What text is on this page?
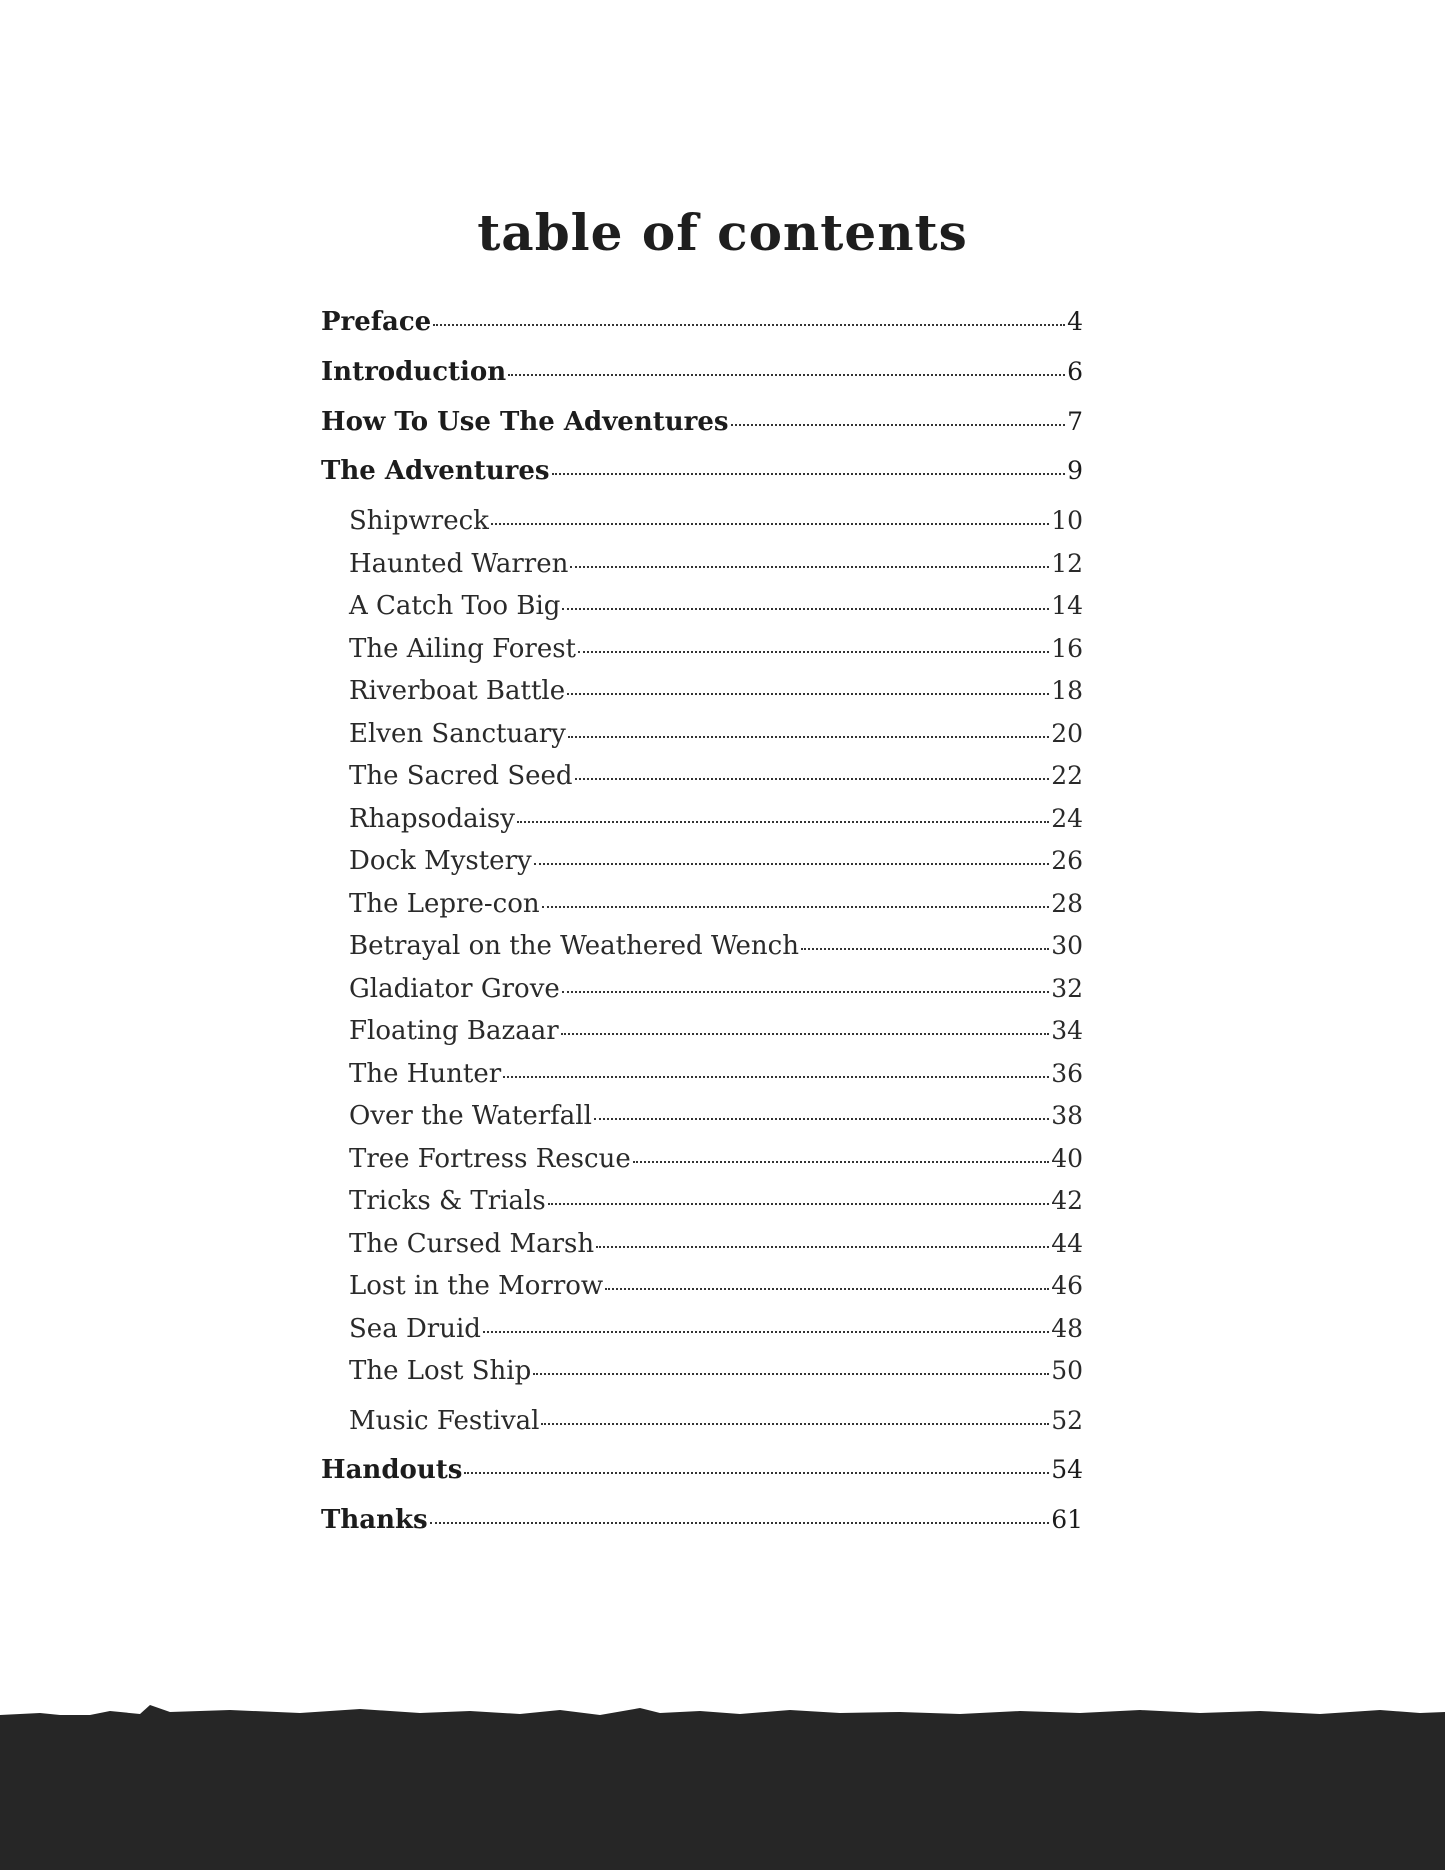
table of contents
Preface	4
Introduction	6
How To Use The Adventures	7
The Adventures	9
Shipwreck	10
Haunted Warren	12
A Catch Too Big	14
The Ailing Forest	16
Riverboat Battle	18
Elven Sanctuary	20
The Sacred Seed	22
Rhapsodaisy	24
Dock Mystery	26
The Lepre-con	28
Betrayal on the Weathered Wench	30
Gladiator Grove	32
Floating Bazaar	34
The Hunter	36
Over the Waterfall	38
Tree Fortress Rescue	40
Tricks & Trials	42
The Cursed Marsh	44
Lost in the Morrow	46
Sea Druid	48
The Lost Ship	50
Music Festival	52
Handouts	54
Thanks	61
